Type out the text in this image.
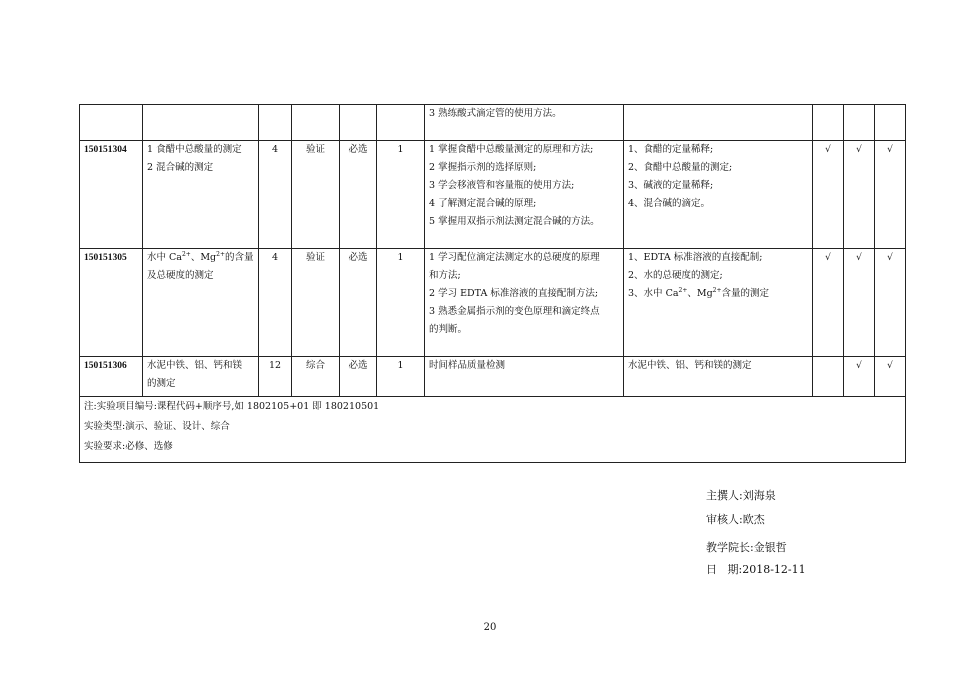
						3 熟练酸式滴定管的使用方法。				

150151304	1 食醋中总酸量的测定
2 混合碱的测定	4	验证	必选	1	1 掌握食醋中总酸量测定的原理和方法;
2 掌握指示剂的选择原则;
3 学会移液管和容量瓶的使用方法;
4 了解测定混合碱的原理;
5 掌握用双指示剂法测定混合碱的方法。	1、食醋的定量稀释;
2、食醋中总酸量的测定;
3、碱液的定量稀释;
4、混合碱的滴定。	√	√	√
150151305	水中 $Ca^{2+}$、$Mg^{2+}$的含量
及总硬度的测定	4	验证	必选	1	1 学习配位滴定法测定水的总硬度的原理
和方法;
2 学习 EDTA 标准溶液的直接配制方法;
3 熟悉金属指示剂的变色原理和滴定终点
的判断。	1、EDTA 标准溶液的直接配制;
2、水的总硬度的测定;
3、水中 $Ca^{2+}$、$Mg^{2+}$含量的测定	√	√	√
150151306	水泥中铁、铝、钙和镁
的测定	12	综合	必选	1	时间样品质量检测	水泥中铁、铝、钙和镁的测定		√	√

注:实验项目编号:课程代码+顺序号,如 1802105+01 即 180210501
实验类型:演示、验证、设计、综合
实验要求:必修、选修										
主撰人:刘海泉
审核人:欧杰
教学院长:金银哲
日   期:2018-12-11
20
